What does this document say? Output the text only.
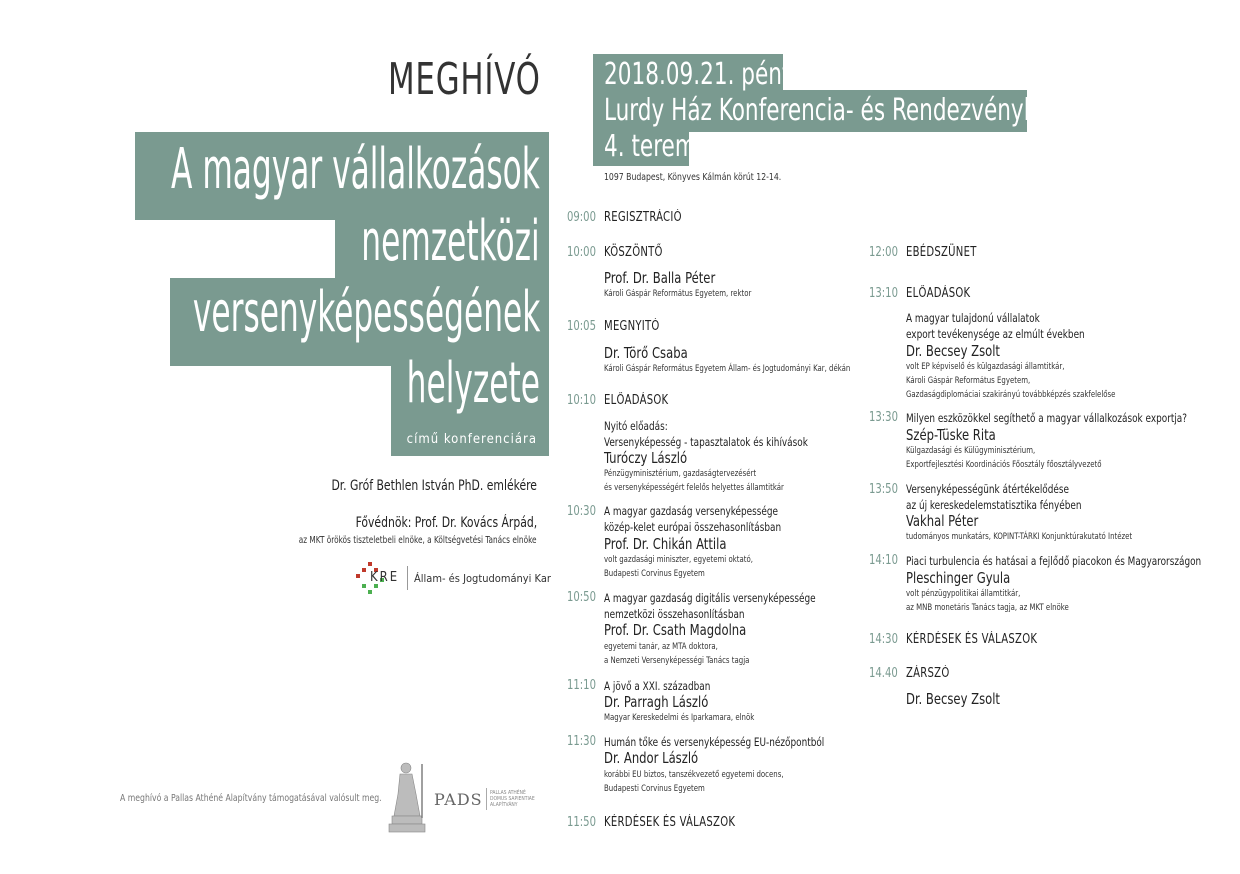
MEGHÍVÓ
A magyar vállalkozások
nemzetközi
versenyképességének
helyzete
című konferenciára
Dr. Gróf Bethlen István PhD. emlékére
Fővédnök: Prof. Dr. Kovács Árpád,
az MKT örökös tiszteletbeli elnöke, a Költségvetési Tanács elnöke
KRE Állam- és Jogtudományi Kar
A meghívó a Pallas Athéné Alapítvány támogatásával valósult meg.	PADS PALLAS ATHÉNÉ
DOMUS SAPIENTIAE
ALAPÍTVÁNY
2018.09.21. péntek
Lurdy Ház Konferencia- és Rendezvényközpont
4. terem
1097 Budapest, Könyves Kálmán körút 12-14.
09:00 REGISZTRÁCIÓ
10:00 KÖSZÖNTŐ
Prof. Dr. Balla Péter
Károli Gáspár Református Egyetem, rektor
10:05 MEGNYITÓ
Dr. Törő Csaba
Károli Gáspár Református Egyetem Állam- és Jogtudományi Kar, dékán
10:10 ELŐADÁSOK
Nyitó előadás:
Versenyképesség - tapasztalatok és kihívások
Turóczy László
Pénzügyminisztérium, gazdaságtervezésért
és versenyképességért felelős helyettes államtitkár
10:30 A magyar gazdaság versenyképessége
közép-kelet európai összehasonlításban
Prof. Dr. Chikán Attila
volt gazdasági miniszter, egyetemi oktató,
Budapesti Corvinus Egyetem
10:50 A magyar gazdaság digitális versenyképessége
nemzetközi összehasonlításban
Prof. Dr. Csath Magdolna
egyetemi tanár, az MTA doktora,
a Nemzeti Versenyképességi Tanács tagja
11:10 A jövő a XXI. században
Dr. Parragh László
Magyar Kereskedelmi és Iparkamara, elnök
11:30 Humán tőke és versenyképesség EU-nézőpontból
Dr. Andor László
korábbi EU biztos, tanszékvezető egyetemi docens,
Budapesti Corvinus Egyetem
11:50 KÉRDÉSEK ÉS VÁLASZOK
12:00 EBÉDSZÜNET
13:10 ELŐADÁSOK
A magyar tulajdonú vállalatok
export tevékenysége az elmúlt években
Dr. Becsey Zsolt
volt EP képviselő és külgazdasági államtitkár,
Károli Gáspár Református Egyetem,
Gazdaságdiplomáciai szakirányú továbbképzés szakfelelőse
13:30 Milyen eszközökkel segíthető a magyar vállalkozások exportja?
Szép-Tüske Rita
Külgazdasági és Külügyminisztérium,
Exportfejlesztési Koordinációs Főosztály főosztályvezető
13:50 Versenyképességünk átértékelődése
az új kereskedelemstatisztika fényében
Vakhal Péter
tudományos munkatárs, KOPINT-TÁRKI Konjunktúrakutató Intézet
14:10 Piaci turbulencia és hatásai a fejlődő piacokon és Magyarországon
Pleschinger Gyula
volt pénzügypolitikai államtitkár,
az MNB monetáris Tanács tagja, az MKT elnöke
14:30 KÉRDÉSEK ÉS VÁLASZOK
14.40 ZÁRSZÓ
Dr. Becsey Zsolt
